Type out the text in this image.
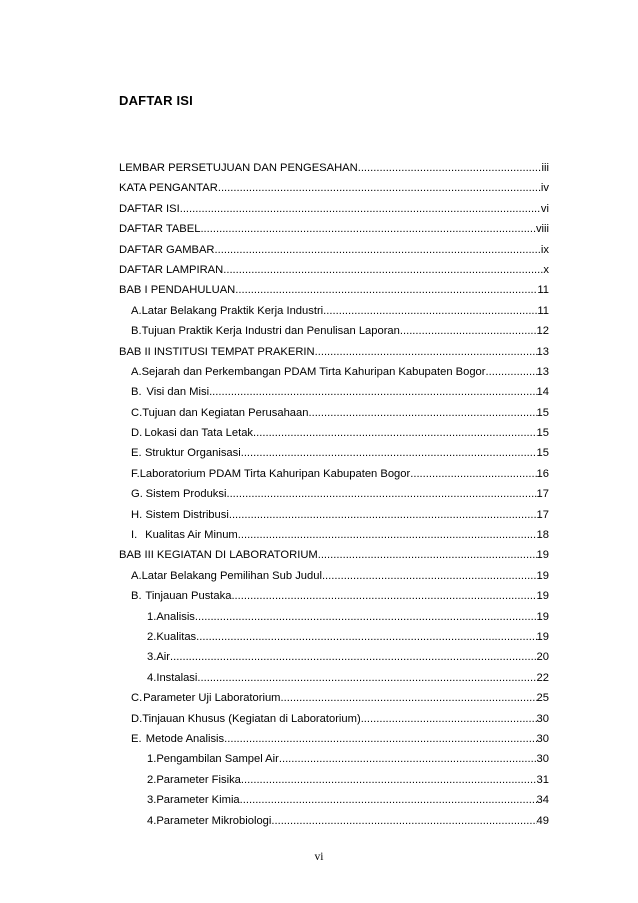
DAFTAR ISI
LEMBAR PERSETUJUAN DAN PENGESAHAN .....	iii
KATA PENGANTAR .....	iv
DAFTAR ISI .....	vi
DAFTAR TABEL .....	viii
DAFTAR GAMBAR .....	ix
DAFTAR LAMPIRAN .....	x
BAB I PENDAHULUAN .....	11
A. Latar Belakang Praktik Kerja Industri .....	11
B. Tujuan Praktik Kerja Industri dan Penulisan Laporan .....	12
BAB II INSTITUSI TEMPAT PRAKERIN .....	13
A. Sejarah dan Perkembangan PDAM Tirta Kahuripan Kabupaten Bogor .....	13
B. Visi dan Misi .....	14
C. Tujuan dan Kegiatan Perusahaan .....	15
D. Lokasi dan Tata Letak .....	15
E. Struktur Organisasi .....	15
F. Laboratorium PDAM Tirta Kahuripan Kabupaten Bogor .....	16
G. Sistem Produksi .....	17
H. Sistem Distribusi .....	17
I. Kualitas Air Minum .....	18
BAB III KEGIATAN DI LABORATORIUM .....	19
A. Latar Belakang Pemilihan Sub Judul .....	19
B. Tinjauan Pustaka .....	19
1. Analisis .....	19
2. Kualitas .....	19
3. Air .....	20
4. Instalasi .....	22
C. Parameter Uji Laboratorium .....	25
D. Tinjauan Khusus (Kegiatan di Laboratorium) .....	30
E. Metode Analisis .....	30
1. Pengambilan Sampel Air .....	30
2. Parameter Fisika .....	31
3. Parameter Kimia .....	34
4. Parameter Mikrobiologi .....	49
vi
